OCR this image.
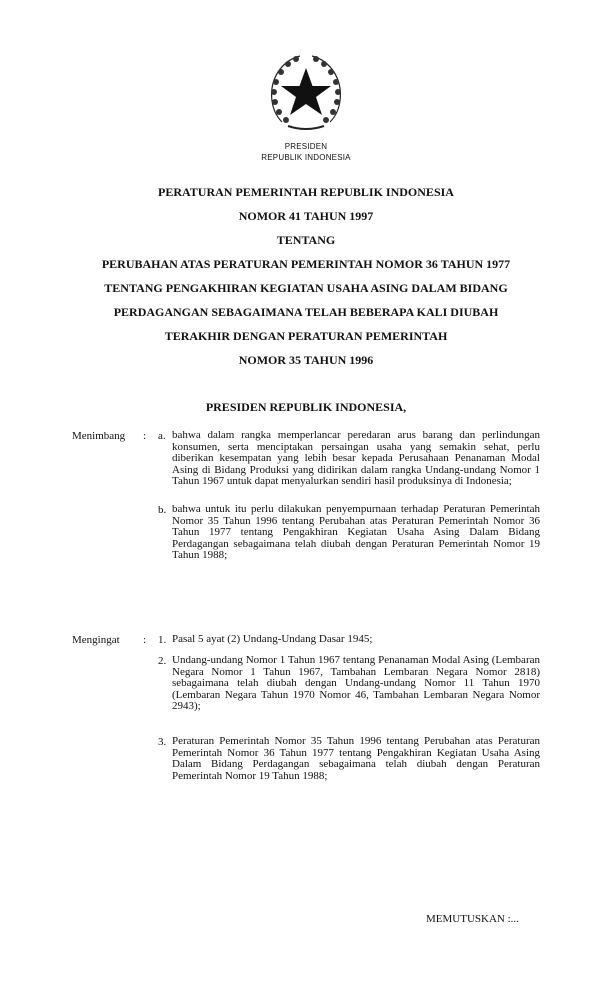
PRESIDEN
REPUBLIK INDONESIA
PERATURAN PEMERINTAH REPUBLIK INDONESIA
NOMOR 41 TAHUN 1997
TENTANG
PERUBAHAN ATAS PERATURAN PEMERINTAH NOMOR 36 TAHUN 1977
TENTANG PENGAKHIRAN KEGIATAN USAHA ASING DALAM BIDANG
PERDAGANGAN SEBAGAIMANA TELAH BEBERAPA KALI DIUBAH
TERAKHIR DENGAN PERATURAN PEMERINTAH
NOMOR 35 TAHUN 1996
PRESIDEN REPUBLIK INDONESIA,
Menimbang : a. bahwa dalam rangka memperlancar peredaran arus barang dan perlindungan konsumen, serta menciptakan persaingan usaha yang semakin sehat, perlu diberikan kesempatan yang lebih besar kepada Perusahaan Penanaman Modal Asing di Bidang Produksi yang didirikan dalam rangka Undang-undang Nomor 1 Tahun 1967 untuk dapat menyalurkan sendiri hasil produksinya di Indonesia;
b. bahwa untuk itu perlu dilakukan penyempurnaan terhadap Peraturan Pemerintah Nomor 35 Tahun 1996 tentang Perubahan atas Peraturan Pemerintah Nomor 36 Tahun 1977 tentang Pengakhiran Kegiatan Usaha Asing Dalam Bidang Perdagangan sebagaimana telah diubah dengan Peraturan Pemerintah Nomor 19 Tahun 1988;
Mengingat : 1. Pasal 5 ayat (2) Undang-Undang Dasar 1945;
2. Undang-undang Nomor 1 Tahun 1967 tentang Penanaman Modal Asing (Lembaran Negara Nomor 1 Tahun 1967, Tambahan Lembaran Negara Nomor 2818) sebagaimana telah diubah dengan Undang-undang Nomor 11 Tahun 1970 (Lembaran Negara Tahun 1970 Nomor 46, Tambahan Lembaran Negara Nomor 2943);
3. Peraturan Pemerintah Nomor 35 Tahun 1996 tentang Perubahan atas Peraturan Pemerintah Nomor 36 Tahun 1977 tentang Pengakhiran Kegiatan Usaha Asing Dalam Bidang Perdagangan sebagaimana telah diubah dengan Peraturan Pemerintah Nomor 19 Tahun 1988;
MEMUTUSKAN :...
